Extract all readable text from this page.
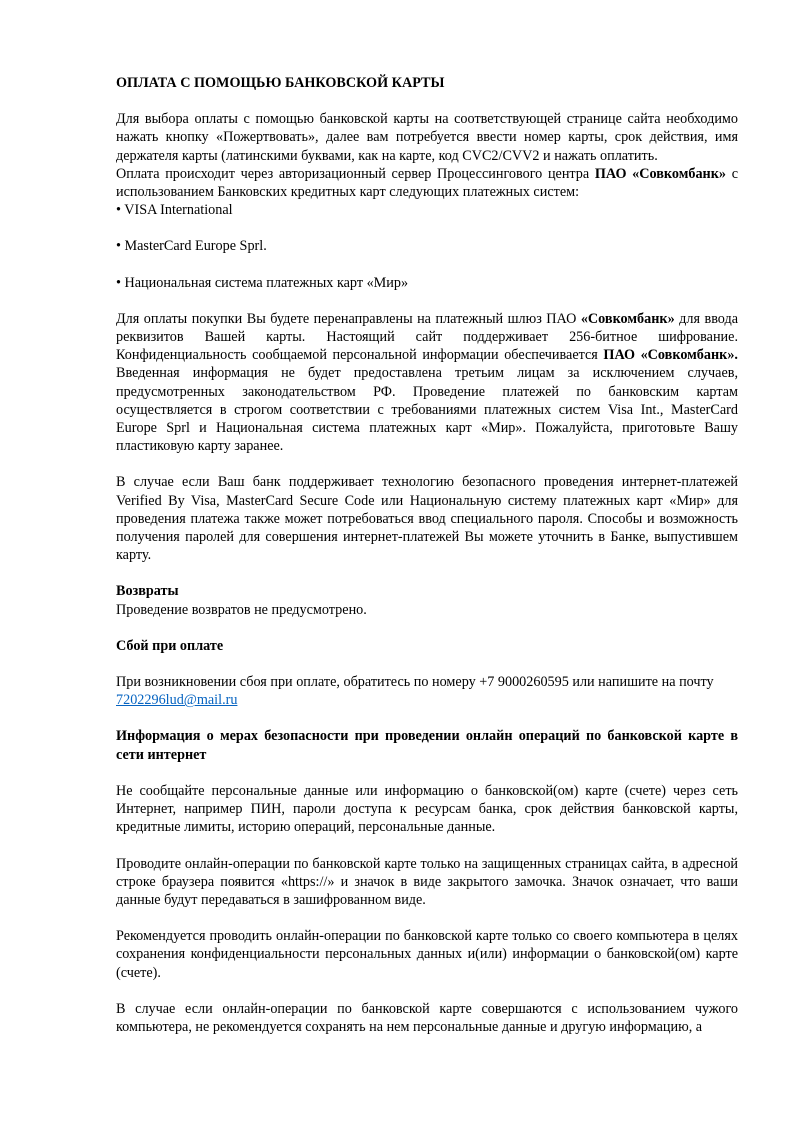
ОПЛАТА С ПОМОЩЬЮ БАНКОВСКОЙ КАРТЫ

Для выбора оплаты с помощью банковской карты на соответствующей странице сайта необходимо нажать кнопку «Пожертвовать», далее вам потребуется ввести номер карты, срок действия, имя держателя карты (латинскими буквами, как на карте, код CVC2/CVV2 и нажать оплатить.

Оплата происходит через авторизационный сервер Процессингового центра ПАО «Совкомбанк» с использованием Банковских кредитных карт следующих платежных систем:

• VISA International

• MasterCard Europe Sprl.

• Национальная система платежных карт «Мир»

Для оплаты покупки Вы будете перенаправлены на платежный шлюз ПАО «Совкомбанк» для ввода реквизитов Вашей карты. Настоящий сайт поддерживает 256-битное шифрование. Конфиденциальность сообщаемой персональной информации обеспечивается ПАО «Совкомбанк». Введенная информация не будет предоставлена третьим лицам за исключением случаев, предусмотренных законодательством РФ. Проведение платежей по банковским картам осуществляется в строгом соответствии с требованиями платежных систем Visa Int., MasterCard Europe Sprl и Национальная система платежных карт «Мир». Пожалуйста, приготовьте Вашу пластиковую карту заранее.

В случае если Ваш банк поддерживает технологию безопасного проведения интернет-платежей Verified By Visa, MasterCard Secure Code или Национальную систему платежных карт «Мир» для проведения платежа также может потребоваться ввод специального пароля. Способы и возможность получения паролей для совершения интернет-платежей Вы можете уточнить в Банке, выпустившем карту.

Возвраты

Проведение возвратов не предусмотрено.

Сбой при оплате

При возникновении сбоя при оплате, обратитесь по номеру +7 9000260595 или напишите на почту

7202296lud@mail.ru

Информация о мерах безопасности при проведении онлайн операций по банковской карте в сети интернет

Не сообщайте персональные данные или информацию о банковской(ом) карте (счете) через сеть Интернет, например ПИН, пароли доступа к ресурсам банка, срок действия банковской карты, кредитные лимиты, историю операций, персональные данные.

Проводите онлайн-операции по банковской карте только на защищенных страницах сайта, в адресной строке браузера появится «https://» и значок в виде закрытого замочка. Значок означает, что ваши данные будут передаваться в зашифрованном виде.

Рекомендуется проводить онлайн-операции по банковской карте только со своего компьютера в целях сохранения конфиденциальности персональных данных и(или) информации о банковской(ом) карте (счете).

В случае если онлайн-операции по банковской карте совершаются с использованием чужого компьютера, не рекомендуется сохранять на нем персональные данные и другую информацию, а
